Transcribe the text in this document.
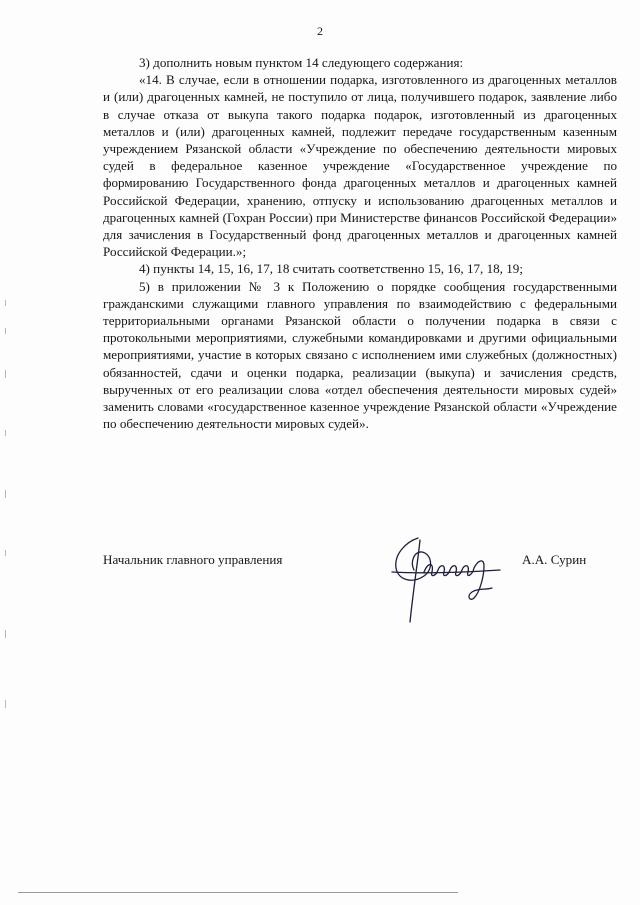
2

3) дополнить новым пунктом 14 следующего содержания:

«14. В случае, если в отношении подарка, изготовленного из драгоценных металлов и (или) драгоценных камней, не поступило от лица, получившего подарок, заявление либо в случае отказа от выкупа такого подарка подарок, изготовленный из драгоценных металлов и (или) драгоценных камней, подлежит передаче государственным казенным учреждением Рязанской области «Учреждение по обеспечению деятельности мировых судей в федеральное казенное учреждение «Государственное учреждение по формированию Государственного фонда драгоценных металлов и драгоценных камней Российской Федерации, хранению, отпуску и использованию драгоценных металлов и драгоценных камней (Гохран России) при Министерстве финансов Российской Федерации» для зачисления в Государственный фонд драгоценных металлов и драгоценных камней Российской Федерации.»;

4) пункты 14, 15, 16, 17, 18 считать соответственно 15, 16, 17, 18, 19;

5) в приложении № 3 к Положению о порядке сообщения государственными гражданскими служащими главного управления по взаимодействию с федеральными территориальными органами Рязанской области о получении подарка в связи с протокольными мероприятиями, служебными командировками и другими официальными мероприятиями, участие в которых связано с исполнением ими служебных (должностных) обязанностей, сдачи и оценки подарка, реализации (выкупа) и зачисления средств, вырученных от его реализации слова «отдел обеспечения деятельности мировых судей» заменить словами «государственное казенное учреждение Рязанской области «Учреждение по обеспечению деятельности мировых судей».

Начальник главного управления	А.А. Сурин
